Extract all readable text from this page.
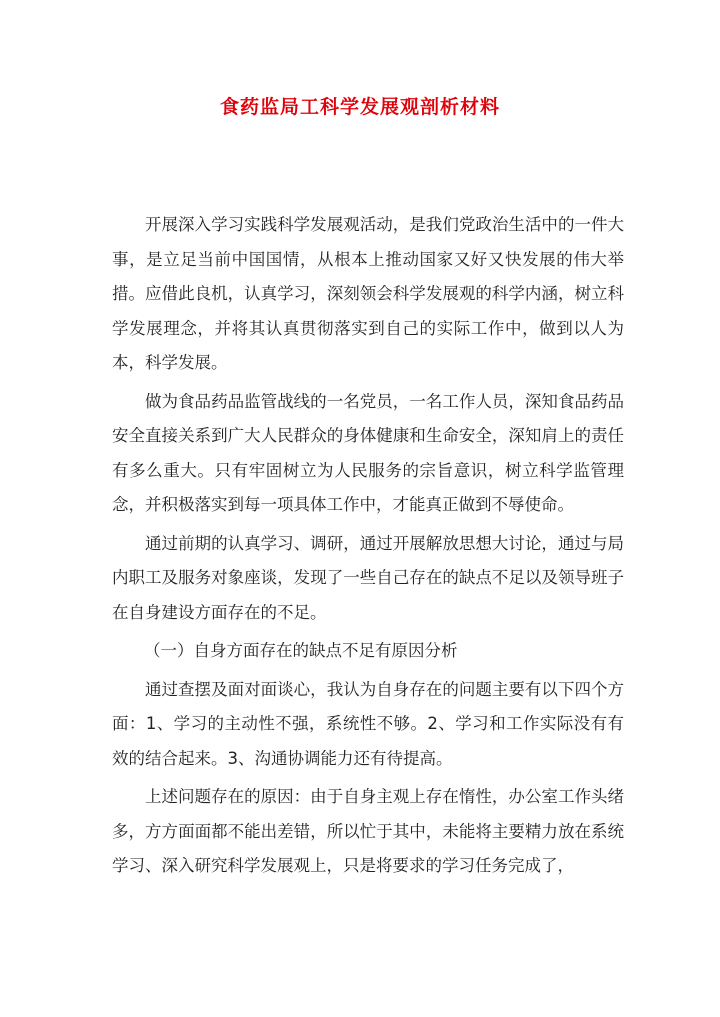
食药监局工科学发展观剖析材料

开展深入学习实践科学发展观活动，是我们党政治生活中的一件大事，是立足当前中国国情，从根本上推动国家又好又快发展的伟大举措。应借此良机，认真学习，深刻领会科学发展观的科学内涵，树立科学发展理念，并将其认真贯彻落实到自己的实际工作中，做到以人为本，科学发展。

做为食品药品监管战线的一名党员，一名工作人员，深知食品药品安全直接关系到广大人民群众的身体健康和生命安全，深知肩上的责任有多么重大。只有牢固树立为人民服务的宗旨意识，树立科学监管理念，并积极落实到每一项具体工作中，才能真正做到不辱使命。

通过前期的认真学习、调研，通过开展解放思想大讨论，通过与局内职工及服务对象座谈，发现了一些自己存在的缺点不足以及领导班子在自身建设方面存在的不足。

（一）自身方面存在的缺点不足有原因分析

通过查摆及面对面谈心，我认为自身存在的问题主要有以下四个方面：1、学习的主动性不强，系统性不够。2、学习和工作实际没有有效的结合起来。3、沟通协调能力还有待提高。

上述问题存在的原因：由于自身主观上存在惰性，办公室工作头绪多，方方面面都不能出差错，所以忙于其中，未能将主要精力放在系统学习、深入研究科学发展观上，只是将要求的学习任务完成了，
